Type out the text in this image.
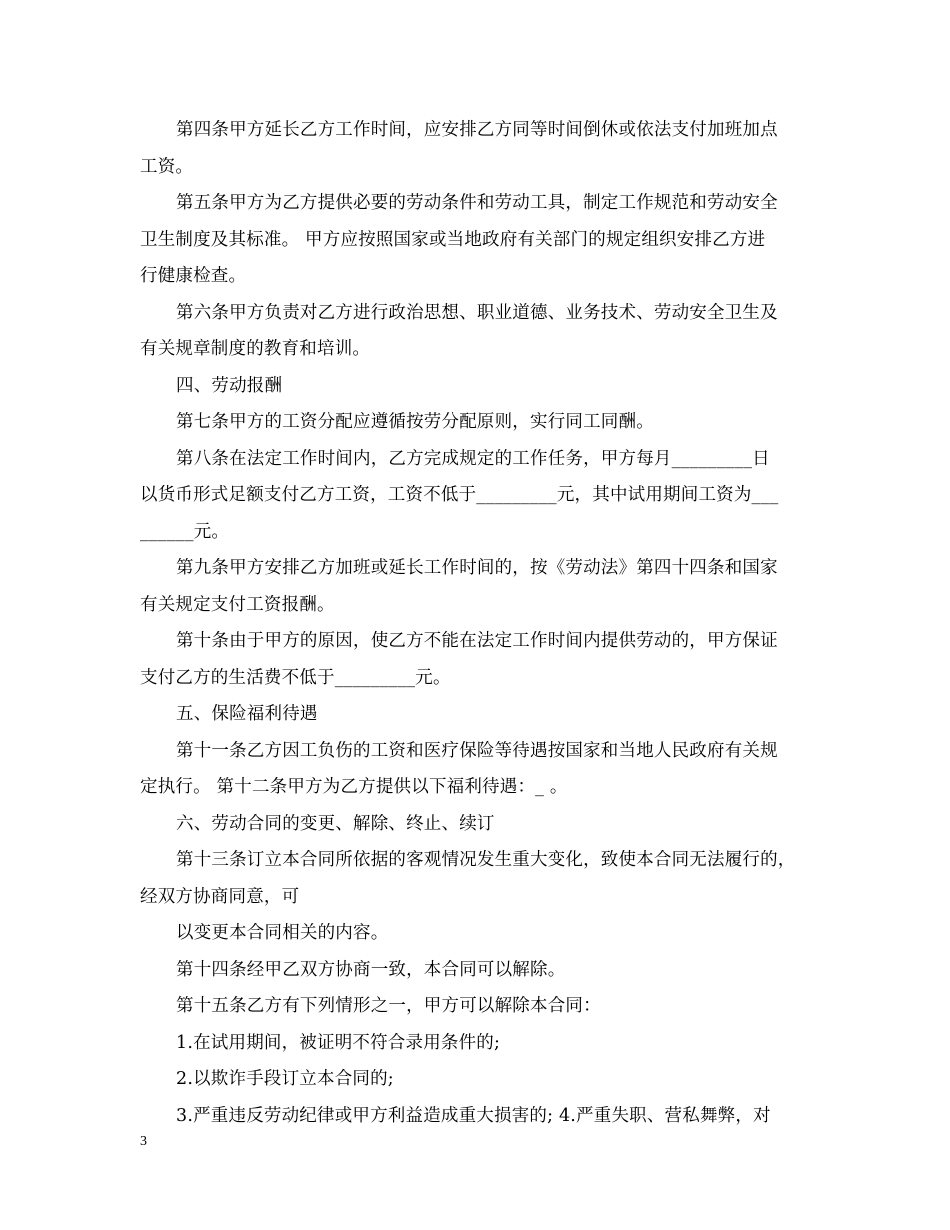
第四条甲方延长乙方工作时间，应安排乙方同等时间倒休或依法支付加班加点
工资。
第五条甲方为乙方提供必要的劳动条件和劳动工具，制定工作规范和劳动安全
卫生制度及其标准。 甲方应按照国家或当地政府有关部门的规定组织安排乙方进
行健康检查。
第六条甲方负责对乙方进行政治思想、职业道德、业务技术、劳动安全卫生及
有关规章制度的教育和培训。
四、劳动报酬
第七条甲方的工资分配应遵循按劳分配原则，实行同工同酬。
第八条在法定工作时间内，乙方完成规定的工作任务，甲方每月_________日
以货币形式足额支付乙方工资，工资不低于_________元，其中试用期间工资为___
______元。
第九条甲方安排乙方加班或延长工作时间的，按《劳动法》第四十四条和国家
有关规定支付工资报酬。
第十条由于甲方的原因，使乙方不能在法定工作时间内提供劳动的，甲方保证
支付乙方的生活费不低于_________元。
五、保险福利待遇
第十一条乙方因工负伤的工资和医疗保险等待遇按国家和当地人民政府有关规
定执行。 第十二条甲方为乙方提供以下福利待遇：_ 。
六、劳动合同的变更、解除、终止、续订
第十三条订立本合同所依据的客观情况发生重大变化，致使本合同无法履行的，
经双方协商同意，可
以变更本合同相关的内容。
第十四条经甲乙双方协商一致，本合同可以解除。
第十五条乙方有下列情形之一，甲方可以解除本合同：
1.在试用期间，被证明不符合录用条件的;
2.以欺诈手段订立本合同的;
3.严重违反劳动纪律或甲方利益造成重大损害的; 4.严重失职、营私舞弊，对
3
